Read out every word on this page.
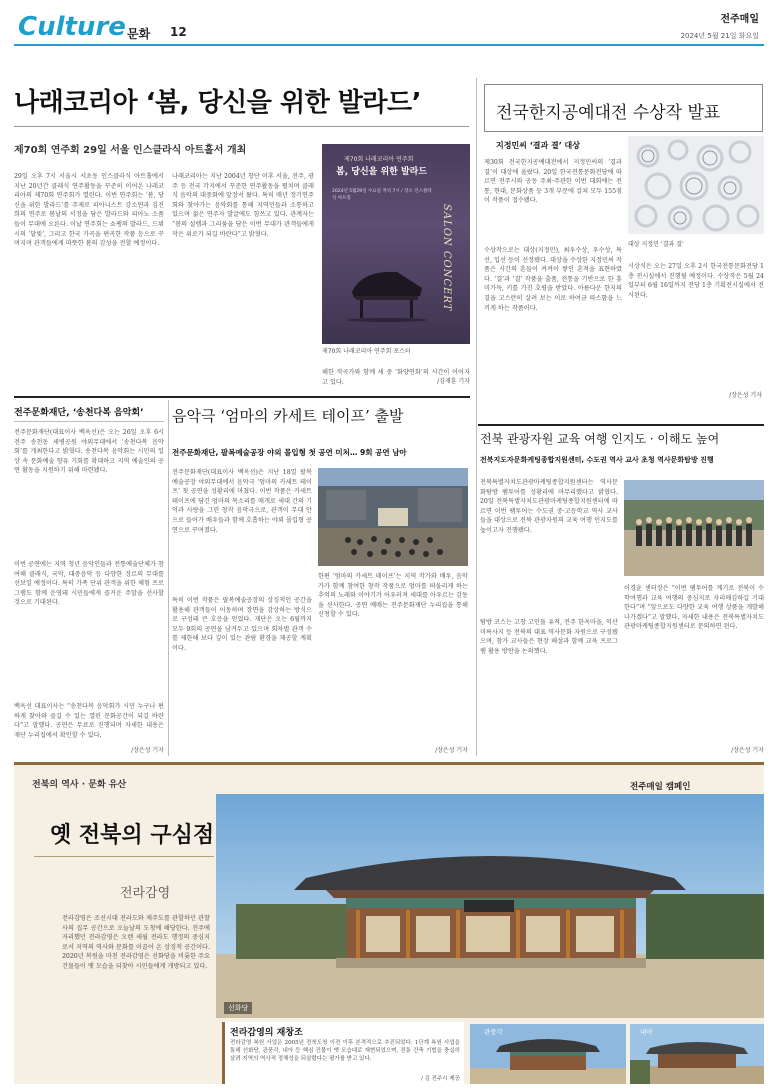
Culture 문화 12
전주매일
2024년 5월 21일 화요일
나래코리아 ‘봄, 당신을 위한 발라드’
제70회 연주회 29일 서울 인스클라식 아트홀서 개최
29일 오후 7시 서울시 서초동 인스클라식 아트홀에서 지난 20년간 클래식 연주활동을 꾸준히 이어온 나래코리아의 제70회 연주회가 열린다. 이번 연주회는 ‘봄, 당신을 위한 발라드’를 주제로 피아니스트 강소연과 김진희의 연주로 봄날의 서정을 담은 발라드와 피아노 소품들이 무대에 오른다. 이날 연주회는 쇼팽의 발라드, 드뷔시의 ‘달빛’, 그리고 한국 가곡을 편곡한 작품 등으로 꾸며지며 관객들에게 따뜻한 봄의 감성을 전할 예정이다.
나래코리아는 지난 2004년 창단 이후 서울, 전주, 광주 등 전국 각지에서 꾸준한 연주활동을 펼치며 클래식 음악의 대중화에 앞장서 왔다. 특히 매년 정기연주회와 찾아가는 음악회를 통해 지역민들과 소통하고 있으며 젊은 연주자 발굴에도 힘쓰고 있다. 관계자는 “봄의 설렘과 그리움을 담은 이번 무대가 관객들에게 작은 위로가 되길 바란다”고 밝혔다.
제70회 나래코리아 연주회
봄, 당신을 위한 발라드
SALON CONCERT
2024년 5월29일 수요일 저녁 7시 / 장소 인스클라식 아트홀
제70회 나래코리아 연주회 포스터
해한 작곡가와 함께 세 중 ‘화양연화’의 시간이 이어지고 있다.	/김재훈 기자
전국한지공예대전 수상작 발표
지정민씨 ‘결과 결’ 대상
제30회 전국한지공예대전에서 지정민씨의 ‘결과 결’이 대상에 올랐다. 20일 한국전통문화전당에 따르면 전주시와 공동 주최·주관한 이번 대회에는 전통, 현대, 문화상품 등 3개 부문에 걸쳐 모두 155점이 작품이 접수됐다.
수상작으로는 대상(지정민), 최우수상, 우수상, 특선, 입선 등이 선정됐다. 대상을 수상한 지정민씨 작품은 시간의 흔들이 켜켜이 쌓인 흔적을 표현하였다. ‘결’과 ‘결’ 작품을 출품, 전통을 기반으로 한 흥미가득, 키를 가진 호평을 받았다. 아름다운 한지의 결을 고스란히 살려 보는 이로 하여금 따스함을 느끼게 하는 작품이다.
대상 지정민 ‘결과 결’
시상식은 오는 27일 오후 2시 한국전통문화전당 1층 전시실에서 진행될 예정이다. 수상작은 5월 24일부터 6월 16일까지 전당 1층 기획전시실에서 전시된다.
/장은성 기자
전주문화재단, ‘송천다복 음악회’
전주문화재단(대표이사 백옥선)은 오는 26일 오후 6시 전주 송천동 세병공원 야외무대에서 ‘송천다복 음악회’를 개최한다고 밝혔다. 송천다복 음악회는 시민의 일상 속 문화예술 향유 기회를 확대하고 지역 예술인의 공연 활동을 지원하기 위해 마련됐다.
이번 공연에는 지역 청년 음악인들과 전통예술단체가 참여해 클래식, 국악, 대중음악 등 다양한 장르의 무대를 선보일 예정이다. 특히 가족 단위 관객을 위한 체험 프로그램도 함께 운영돼 시민들에게 즐거운 주말을 선사할 것으로 기대된다.
백옥선 대표이사는 “송천다복 음악회가 시민 누구나 편하게 찾아와 즐길 수 있는 열린 문화공간이 되길 바란다”고 말했다. 공연은 무료로 진행되며 자세한 내용은 재단 누리집에서 확인할 수 있다.
/장은성 기자
음악극 ‘엄마의 카세트 테이프’ 출발
전주문화재단, 팔복예술공장 야외 몰입형 첫 공연 미처… 9회 공연 남아
전주문화재단(대표이사 백옥선)은 지난 18일 팔복예술공장 야외무대에서 음악극 ‘엄마의 카세트 테이프’ 첫 공연을 성황리에 마쳤다. 이번 작품은 카세트 테이프에 담긴 엄마의 목소리를 매개로 세대 간의 기억과 사랑을 그린 창작 음악극으로, 관객이 무대 안으로 들어가 배우들과 함께 호흡하는 야외 몰입형 공연으로 꾸며졌다.
특히 이번 작품은 팔복예술공장의 상징적인 공간을 활용해 관객들이 이동하며 장면을 감상하는 방식으로 구성돼 큰 호응을 얻었다. 재단은 오는 6월까지 모두 9회의 공연을 남겨두고 있으며 회차별 관객 수를 제한해 보다 깊이 있는 관람 환경을 제공할 계획이다.
한편 ‘엄마의 카세트 테이프’는 지역 작가와 배우, 음악가가 함께 참여한 창작 작품으로 엄마를 떠올리게 하는 추억의 노래와 이야기가 어우러져 세대를 아우르는 감동을 선사한다. 공연 예매는 전주문화재단 누리집을 통해 신청할 수 있다.
/장은성 기자
전북 관광자원 교육 여행 인지도 · 이해도 높여
전북지도자문화케팅종합지원센터, 수도권 역사 교사 초청 역사문화탐방 진행
전북특별자치도관광마케팅종합지원센터는 역사문화탐방 팸투어를 성황리에 마무리했다고 밝혔다. 20일 전북특별자치도관광마케팅종합지원센터에 따르면 이번 팸투어는 수도권 중·고등학교 역사 교사들을 대상으로 전북 관광자원의 교육 여행 인지도를 높이고자 진행됐다.
탐방 코스는 고창 고인돌 유적, 전주 한옥마을, 익산 미륵사지 등 전북의 대표 역사문화 자원으로 구성됐으며, 참가 교사들은 현장 해설과 함께 교육 프로그램 활용 방안을 논의했다.
이경윤 센터장은 “이번 팸투어를 계기로 전북이 수학여행과 교육 여행의 중심지로 자리매김하길 기대한다”며 “앞으로도 다양한 교육 여행 상품을 개발해 나가겠다”고 말했다. 자세한 내용은 전북특별자치도관광마케팅종합지원센터로 문의하면 된다.
/장은성 기자
전북의 역사 · 문화 유산	전주매일 캠페인
옛 전북의 구심점
전라감영
전라감영은 조선시대 전라도와 제주도를 관할하던 관찰사의 집무 공간으로 오늘날의 도청에 해당한다. 전주에 자리했던 전라감영은 오랜 세월 전라도 행정의 중심지로서 지역의 역사와 문화를 이끌어 온 상징적 공간이다. 2020년 복원을 마친 전라감영은 선화당을 비롯한 주요 건물들이 옛 모습을 되찾아 시민들에게 개방되고 있다.
선화당
전라감영의 재창조
전라감영 복원 사업은 2005년 전북도청 이전 이후 본격적으로 추진되었다. 1단계 복원 사업을 통해 선화당, 관풍각, 내아 등 핵심 건물이 옛 모습대로 재현되었으며, 전통 건축 기법을 충실히 살려 지역의 역사적 정체성을 되살렸다는 평가를 받고 있다.
/ 김 전주시 제공
관풍각	내아
